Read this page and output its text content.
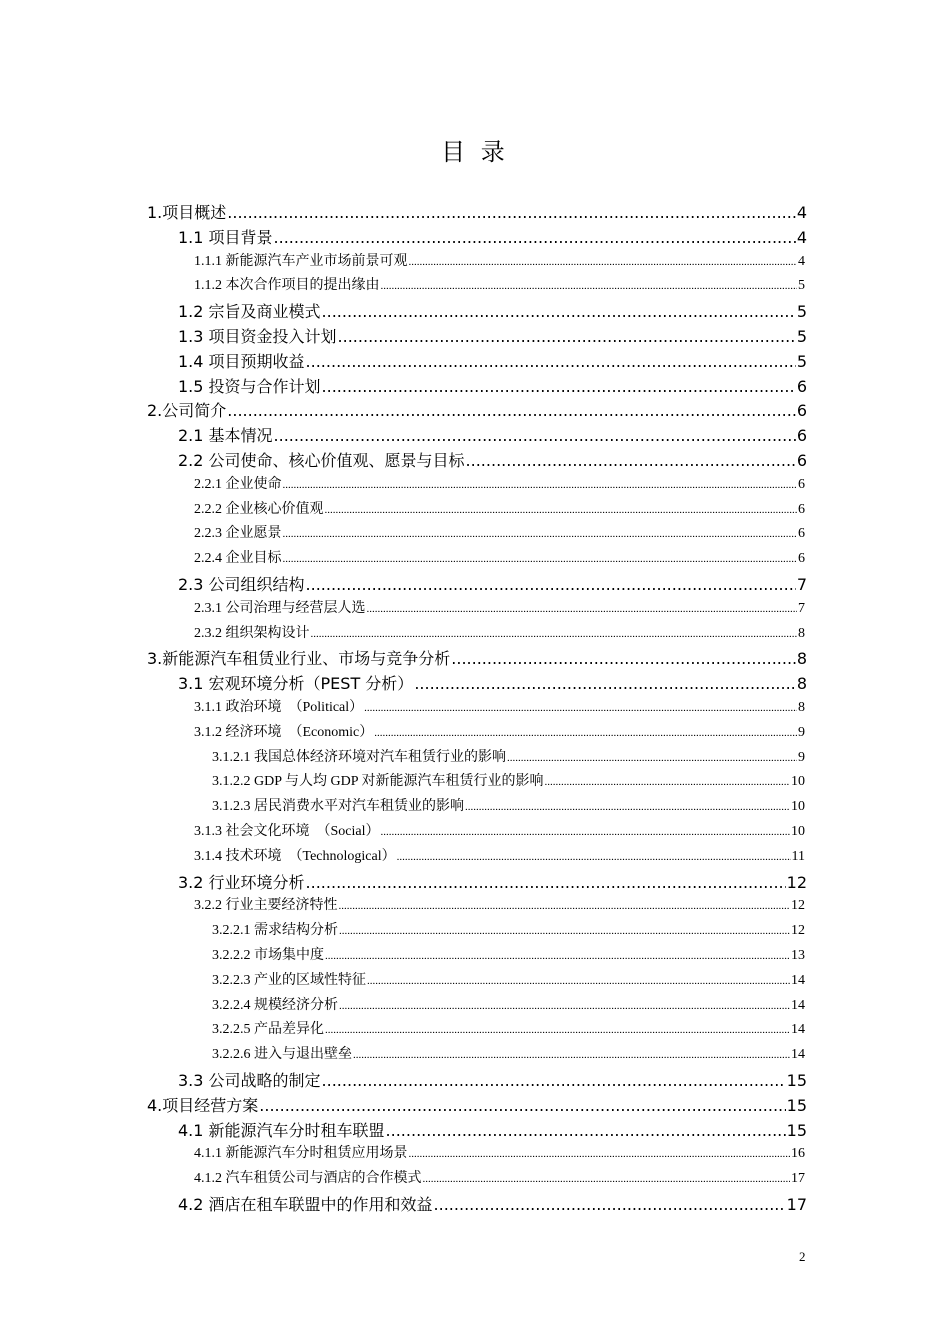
目 录
1.项目概述 .....	4
1.1 项目背景 .....	4
1.1.1 新能源汽车产业市场前景可观 .....	4
1.1.2 本次合作项目的提出缘由 .....	5
1.2 宗旨及商业模式 .....	5
1.3 项目资金投入计划 .....	5
1.4 项目预期收益 .....	5
1.5 投资与合作计划 .....	6
2.公司简介 .....	6
2.1 基本情况 .....	6
2.2 公司使命、核心价值观、愿景与目标 .....	6
2.2.1 企业使命 .....	6
2.2.2 企业核心价值观 .....	6
2.2.3 企业愿景 .....	6
2.2.4 企业目标 .....	6
2.3 公司组织结构 .....	7
2.3.1 公司治理与经营层人选 .....	7
2.3.2 组织架构设计 .....	8
3.新能源汽车租赁业行业、市场与竞争分析 .....	8
3.1 宏观环境分析（PEST 分析） .....	8
3.1.1 政治环境　（Political） .....	8
3.1.2 经济环境　（Economic） .....	9
3.1.2.1 我国总体经济环境对汽车租赁行业的影响 .....	9
3.1.2.2 GDP 与人均 GDP 对新能源汽车租赁行业的影响 .....	10
3.1.2.3 居民消费水平对汽车租赁业的影响 .....	10
3.1.3 社会文化环境　（Social） .....	10
3.1.4 技术环境　（Technological） .....	11
3.2 行业环境分析 .....	12
3.2.2 行业主要经济特性 .....	12
3.2.2.1 需求结构分析 .....	12
3.2.2.2 市场集中度 .....	13
3.2.2.3 产业的区域性特征 .....	14
3.2.2.4 规模经济分析 .....	14
3.2.2.5 产品差异化 .....	14
3.2.2.6 进入与退出壁垒 .....	14
3.3 公司战略的制定 .....	15
4.项目经营方案 .....	15
4.1 新能源汽车分时租车联盟 .....	15
4.1.1 新能源汽车分时租赁应用场景 .....	16
4.1.2 汽车租赁公司与酒店的合作模式 .....	17
4.2 酒店在租车联盟中的作用和效益 .....	17
2
